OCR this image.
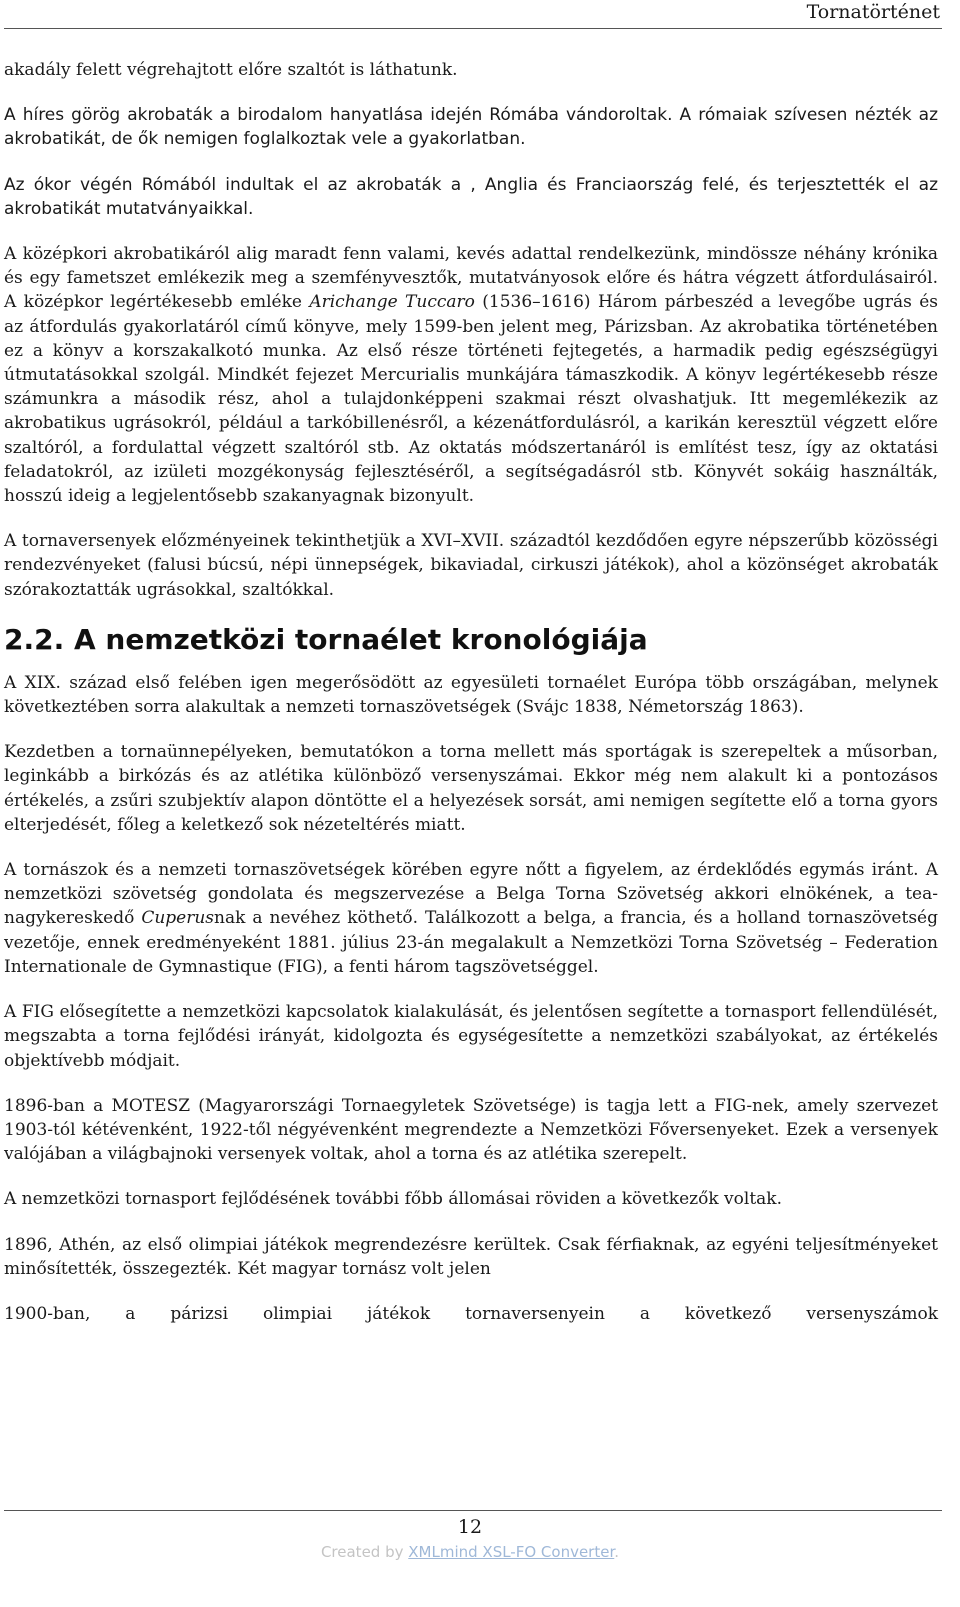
Tornatörténet

akadály felett végrehajtott előre szaltót is láthatunk.

A híres görög akrobaták a birodalom hanyatlása idején Rómába vándoroltak. A rómaiak szívesen nézték az akrobatikát, de ők nemigen foglalkoztak vele a gyakorlatban.

Az ókor végén Rómából indultak el az akrobaták a , Anglia és Franciaország felé, és terjesztették el az akrobatikát mutatványaikkal.

A középkori akrobatikáról alig maradt fenn valami, kevés adattal rendelkezünk, mindössze néhány krónika és egy fametszet emlékezik meg a szemfényvesztők, mutatványosok előre és hátra végzett átfordulásairól. A középkor legértékesebb emléke Arichange Tuccaro (1536–1616) Három párbeszéd a levegőbe ugrás és az átfordulás gyakorlatáról című könyve, mely 1599-ben jelent meg, Párizsban. Az akrobatika történetében ez a könyv a korszakalkotó munka. Az első része történeti fejtegetés, a harmadik pedig egészségügyi útmutatásokkal szolgál. Mindkét fejezet Mercurialis munkájára támaszkodik. A könyv legértékesebb része számunkra a második rész, ahol a tulajdonképpeni szakmai részt olvashatjuk. Itt megemlékezik az akrobatikus ugrásokról, például a tarkóbillenésről, a kézenátfordulásról, a karikán keresztül végzett előre szaltóról, a fordulattal végzett szaltóról stb. Az oktatás módszertanáról is említést tesz, így az oktatási feladatokról, az izületi mozgékonyság fejlesztéséről, a segítségadásról stb. Könyvét sokáig használták, hosszú ideig a legjelentősebb szakanyagnak bizonyult.

A tornaversenyek előzményeinek tekinthetjük a XVI–XVII. századtól kezdődően egyre népszerűbb közösségi rendezvényeket (falusi búcsú, népi ünnepségek, bikaviadal, cirkuszi játékok), ahol a közönséget akrobaták szórakoztatták ugrásokkal, szaltókkal.

2.2. A nemzetközi tornaélet kronológiája

A XIX. század első felében igen megerősödött az egyesületi tornaélet Európa több országában, melynek következtében sorra alakultak a nemzeti tornaszövetségek (Svájc 1838, Németország 1863).

Kezdetben a tornaünnepélyeken, bemutatókon a torna mellett más sportágak is szerepeltek a műsorban, leginkább a birkózás és az atlétika különböző versenyszámai. Ekkor még nem alakult ki a pontozásos értékelés, a zsűri szubjektív alapon döntötte el a helyezések sorsát, ami nemigen segítette elő a torna gyors elterjedését, főleg a keletkező sok nézeteltérés miatt.

A tornászok és a nemzeti tornaszövetségek körében egyre nőtt a figyelem, az érdeklődés egymás iránt. A nemzetközi szövetség gondolata és megszervezése a Belga Torna Szövetség akkori elnökének, a tea-nagykereskedő Cuperusnak a nevéhez köthető. Találkozott a belga, a francia, és a holland tornaszövetség vezetője, ennek eredményeként 1881. július 23-án megalakult a Nemzetközi Torna Szövetség – Federation Internationale de Gymnastique (FIG), a fenti három tagszövetséggel.

A FIG elősegítette a nemzetközi kapcsolatok kialakulását, és jelentősen segítette a tornasport fellendülését, megszabta a torna fejlődési irányát, kidolgozta és egységesítette a nemzetközi szabályokat, az értékelés objektívebb módjait.

1896-ban a MOTESZ (Magyarországi Tornaegyletek Szövetsége) is tagja lett a FIG-nek, amely szervezet 1903-tól kétévenként, 1922-től négyévenként megrendezte a Nemzetközi Főversenyeket. Ezek a versenyek valójában a világbajnoki versenyek voltak, ahol a torna és az atlétika szerepelt.

A nemzetközi tornasport fejlődésének további főbb állomásai röviden a következők voltak.

1896, Athén, az első olimpiai játékok megrendezésre kerültek. Csak férfiaknak, az egyéni teljesítményeket minősítették, összegezték. Két magyar tornász volt jelen

1900-ban, a párizsi olimpiai játékok tornaversenyein a következő versenyszámok

12
Created by XMLmind XSL-FO Converter.
